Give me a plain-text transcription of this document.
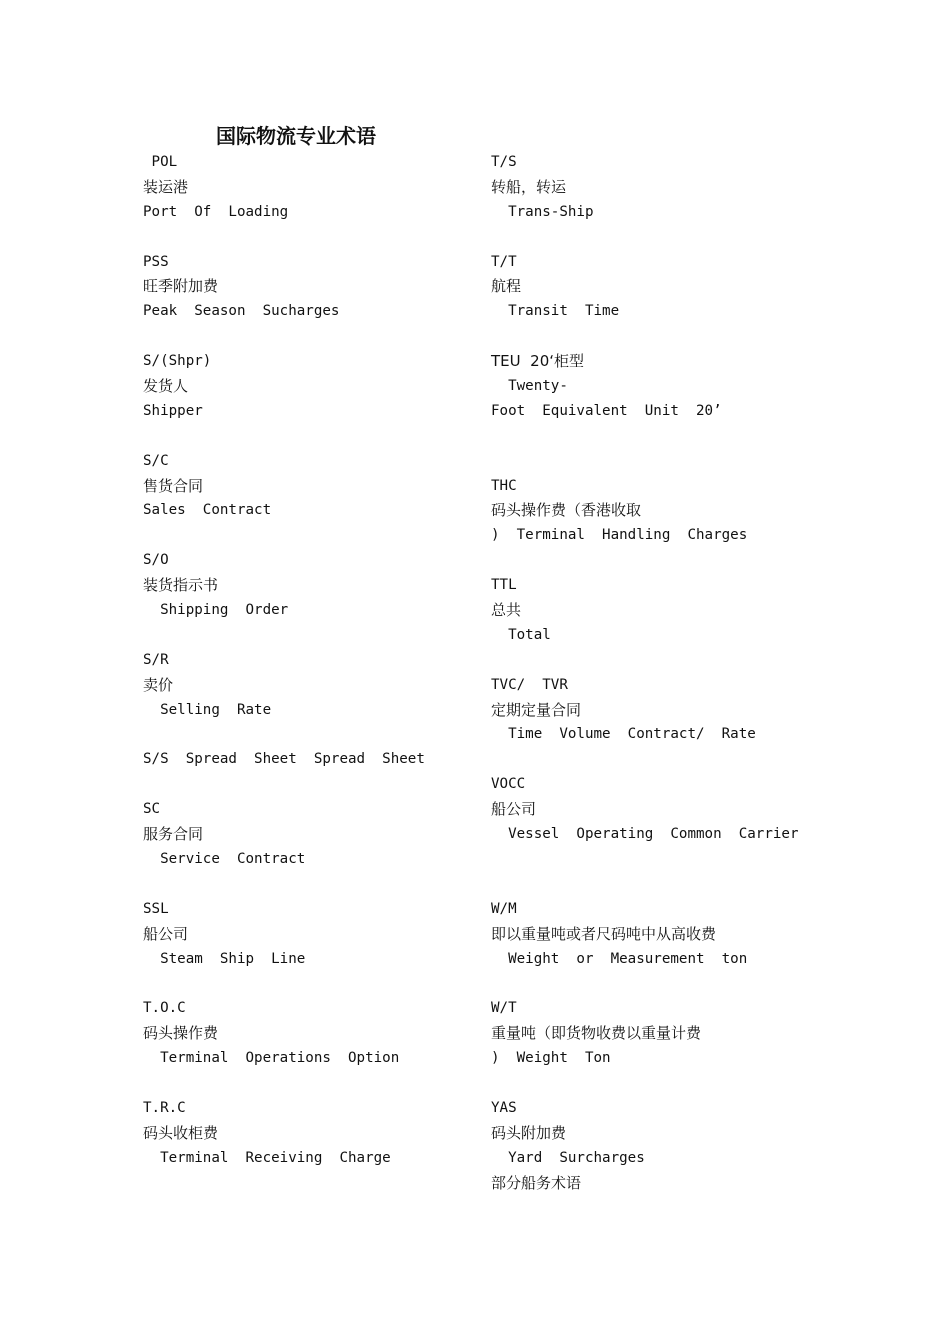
国际物流专业术语
POL
装运港
Port  Of  Loading
PSS
旺季附加费
Peak  Season  Sucharges
S/(Shpr)
发货人
Shipper
S/C
售货合同
Sales  Contract
S/O
装货指示书
Shipping  Order
S/R
卖价
Selling  Rate
S/S  Spread  Sheet  Spread  Sheet
SC
服务合同
Service  Contract
SSL
船公司
Steam  Ship  Line
T.O.C
码头操作费
Terminal  Operations  Option
T.R.C
码头收柜费
Terminal  Receiving  Charge
T/S
转船，转运
Trans-Ship
T/T
航程
Transit  Time
TEU  20‘柜型
Twenty-
Foot  Equivalent  Unit  20’
THC
码头操作费（香港收取
)  Terminal  Handling  Charges
TTL
总共
Total
TVC/  TVR
定期定量合同
Time  Volume  Contract/  Rate
VOCC
船公司
Vessel  Operating  Common  Carrier
W/M
即以重量吨或者尺码吨中从高收费
Weight  or  Measurement  ton
W/T
重量吨（即货物收费以重量计费
)  Weight  Ton
YAS
码头附加费
Yard  Surcharges
部分船务术语
